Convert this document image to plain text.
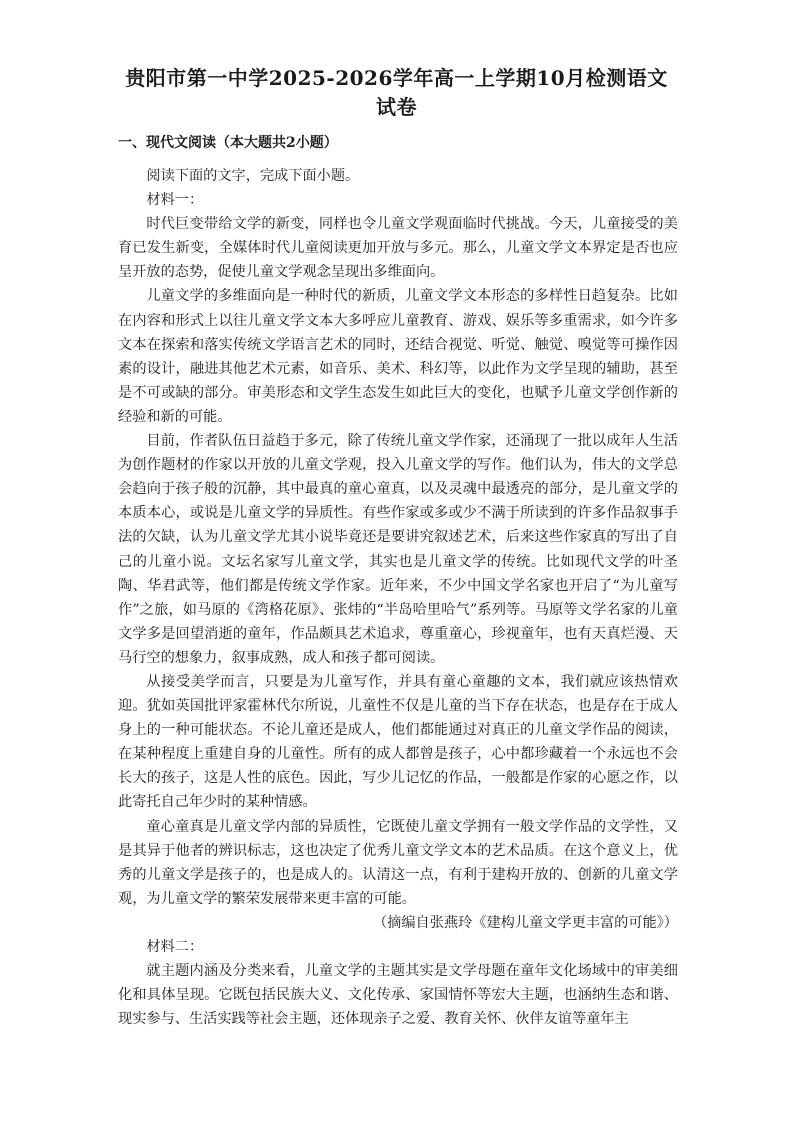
贵阳市第一中学2025-2026学年高一上学期10月检测语文
试卷
一、现代文阅读（本大题共2小题）

阅读下面的文字，完成下面小题。

材料一：

时代巨变带给文学的新变，同样也令儿童文学观面临时代挑战。今天，儿童接受的美育已发生新变，全媒体时代儿童阅读更加开放与多元。那么，儿童文学文本界定是否也应呈开放的态势，促使儿童文学观念呈现出多维面向。

儿童文学的多维面向是一种时代的新质，儿童文学文本形态的多样性日趋复杂。比如在内容和形式上以往儿童文学文本大多呼应儿童教育、游戏、娱乐等多重需求，如今许多文本在探索和落实传统文学语言艺术的同时，还结合视觉、听觉、触觉、嗅觉等可操作因素的设计，融进其他艺术元素，如音乐、美术、科幻等，以此作为文学呈现的辅助，甚至是不可或缺的部分。审美形态和文学生态发生如此巨大的变化，也赋予儿童文学创作新的经验和新的可能。

目前，作者队伍日益趋于多元，除了传统儿童文学作家，还涌现了一批以成年人生活为创作题材的作家以开放的儿童文学观，投入儿童文学的写作。他们认为，伟大的文学总会趋向于孩子般的沉静，其中最真的童心童真，以及灵魂中最透亮的部分，是儿童文学的本质本心，或说是儿童文学的异质性。有些作家或多或少不满于所读到的许多作品叙事手法的欠缺，认为儿童文学尤其小说毕竟还是要讲究叙述艺术，后来这些作家真的写出了自己的儿童小说。文坛名家写儿童文学，其实也是儿童文学的传统。比如现代文学的叶圣陶、华君武等，他们都是传统文学作家。近年来，不少中国文学名家也开启了“为儿童写作”之旅，如马原的《湾格花原》、张炜的“半岛哈里哈气”系列等。马原等文学名家的儿童文学多是回望消逝的童年，作品颇具艺术追求，尊重童心，珍视童年，也有天真烂漫、天马行空的想象力，叙事成熟，成人和孩子都可阅读。

从接受美学而言，只要是为儿童写作，并具有童心童趣的文本，我们就应该热情欢迎。犹如英国批评家霍林代尔所说，儿童性不仅是儿童的当下存在状态，也是存在于成人身上的一种可能状态。不论儿童还是成人，他们都能通过对真正的儿童文学作品的阅读，在某种程度上重建自身的儿童性。所有的成人都曾是孩子，心中都珍藏着一个永远也不会长大的孩子，这是人性的底色。因此，写少儿记忆的作品，一般都是作家的心愿之作，以此寄托自己年少时的某种情感。

童心童真是儿童文学内部的异质性，它既使儿童文学拥有一般文学作品的文学性，又是其异于他者的辨识标志，这也决定了优秀儿童文学文本的艺术品质。在这个意义上，优秀的儿童文学是孩子的，也是成人的。认清这一点，有利于建构开放的、创新的儿童文学观，为儿童文学的繁荣发展带来更丰富的可能。

（摘编自张燕玲《建构儿童文学更丰富的可能》）

材料二：

就主题内涵及分类来看，儿童文学的主题其实是文学母题在童年文化场域中的审美细化和具体呈现。它既包括民族大义、文化传承、家国情怀等宏大主题，也涵纳生态和谐、现实参与、生活实践等社会主题，还体现亲子之爱、教育关怀、伙伴友谊等童年主
